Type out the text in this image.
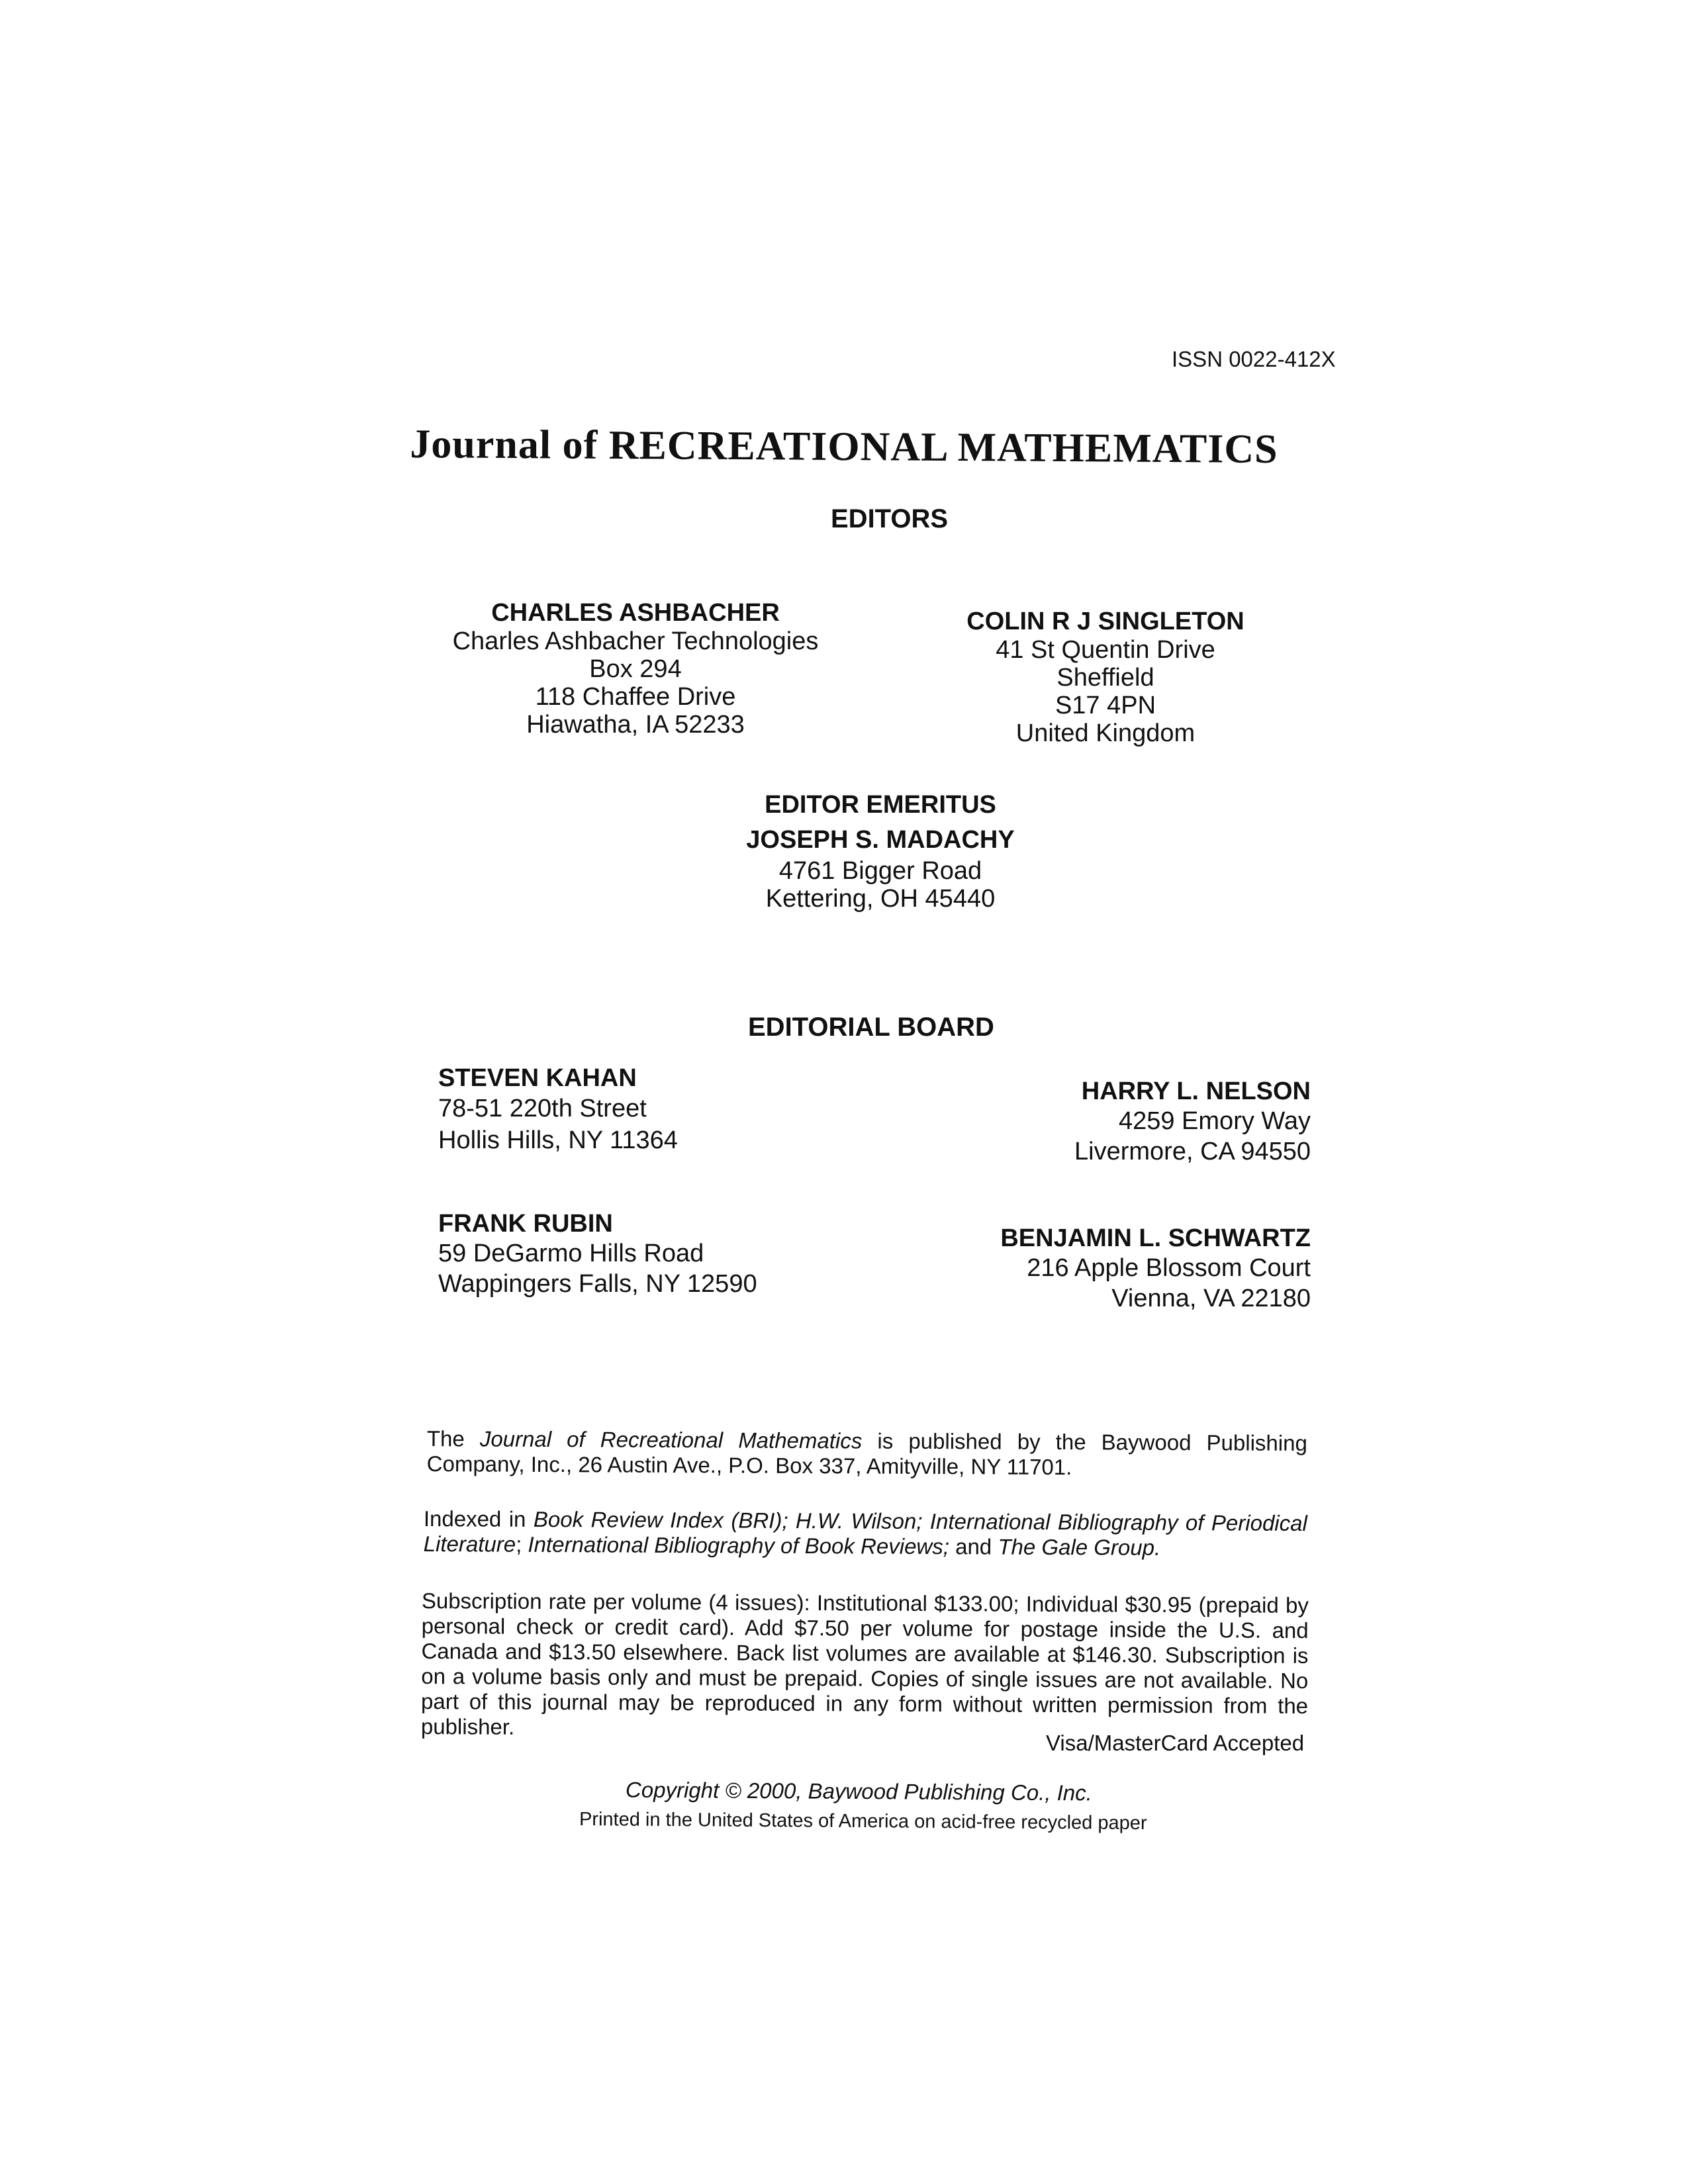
ISSN 0022-412X
Journal of RECREATIONAL MATHEMATICS
EDITORS
CHARLES ASHBACHER
Charles Ashbacher Technologies
Box 294
118 Chaffee Drive
Hiawatha, IA 52233
COLIN R J SINGLETON
41 St Quentin Drive
Sheffield
S17 4PN
United Kingdom
EDITOR EMERITUS
JOSEPH S. MADACHY
4761 Bigger Road
Kettering, OH 45440
EDITORIAL BOARD
STEVEN KAHAN
78-51 220th Street
Hollis Hills, NY 11364
FRANK RUBIN
59 DeGarmo Hills Road
Wappingers Falls, NY 12590
HARRY L. NELSON
4259 Emory Way
Livermore, CA 94550
BENJAMIN L. SCHWARTZ
216 Apple Blossom Court
Vienna, VA 22180
The Journal of Recreational Mathematics is published by the Baywood Publishing Company, Inc., 26 Austin Ave., P.O. Box 337, Amityville, NY 11701.
Indexed in Book Review Index (BRI); H.W. Wilson; International Bibliography of Periodical Literature; International Bibliography of Book Reviews; and The Gale Group.
Subscription rate per volume (4 issues): Institutional $133.00; Individual $30.95 (prepaid by personal check or credit card). Add $7.50 per volume for postage inside the U.S. and Canada and $13.50 elsewhere. Back list volumes are available at $146.30. Subscription is on a volume basis only and must be prepaid. Copies of single issues are not available. No part of this journal may be reproduced in any form without written permission from the publisher.
Visa/MasterCard Accepted
Copyright © 2000, Baywood Publishing Co., Inc.
Printed in the United States of America on acid-free recycled paper
